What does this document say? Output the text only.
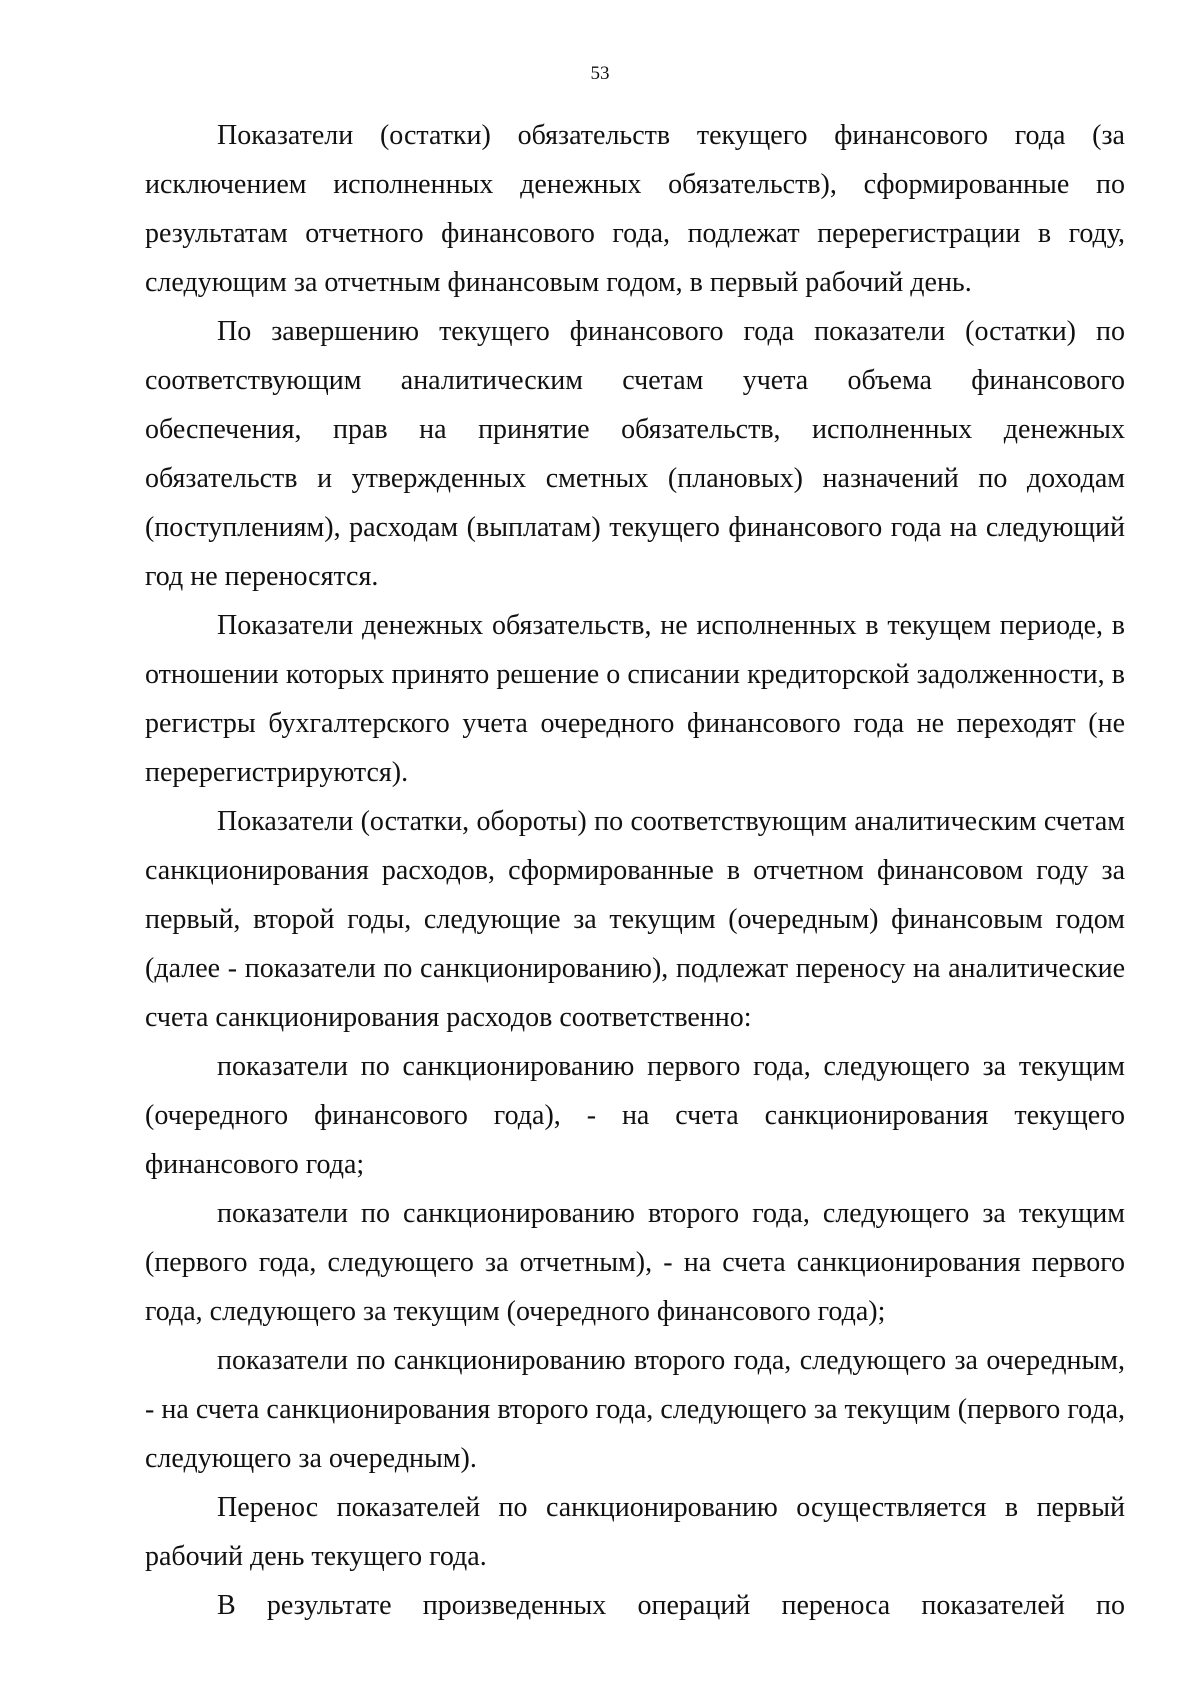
53

Показатели (остатки) обязательств текущего финансового года (за исключением исполненных денежных обязательств), сформированные по результатам отчетного финансового года, подлежат перерегистрации в году, следующим за отчетным финансовым годом, в первый рабочий день.

По завершению текущего финансового года показатели (остатки) по соответствующим аналитическим счетам учета объема финансового обеспечения, прав на принятие обязательств, исполненных денежных обязательств и утвержденных сметных (плановых) назначений по доходам (поступлениям), расходам (выплатам) текущего финансового года на следующий год не переносятся.

Показатели денежных обязательств, не исполненных в текущем периоде, в отношении которых принято решение о списании кредиторской задолженности, в регистры бухгалтерского учета очередного финансового года не переходят (не перерегистрируются).

Показатели (остатки, обороты) по соответствующим аналитическим счетам санкционирования расходов, сформированные в отчетном финансовом году за первый, второй годы, следующие за текущим (очередным) финансовым годом (далее - показатели по санкционированию), подлежат переносу на аналитические счета санкционирования расходов соответственно:

показатели по санкционированию первого года, следующего за текущим (очередного финансового года), - на счета санкционирования текущего финансового года;

показатели по санкционированию второго года, следующего за текущим (первого года, следующего за отчетным), - на счета санкционирования первого года, следующего за текущим (очередного финансового года);

показатели по санкционированию второго года, следующего за очередным, - на счета санкционирования второго года, следующего за текущим (первого года, следующего за очередным).

Перенос показателей по санкционированию осуществляется в первый рабочий день текущего года.

В результате произведенных операций переноса показателей по
